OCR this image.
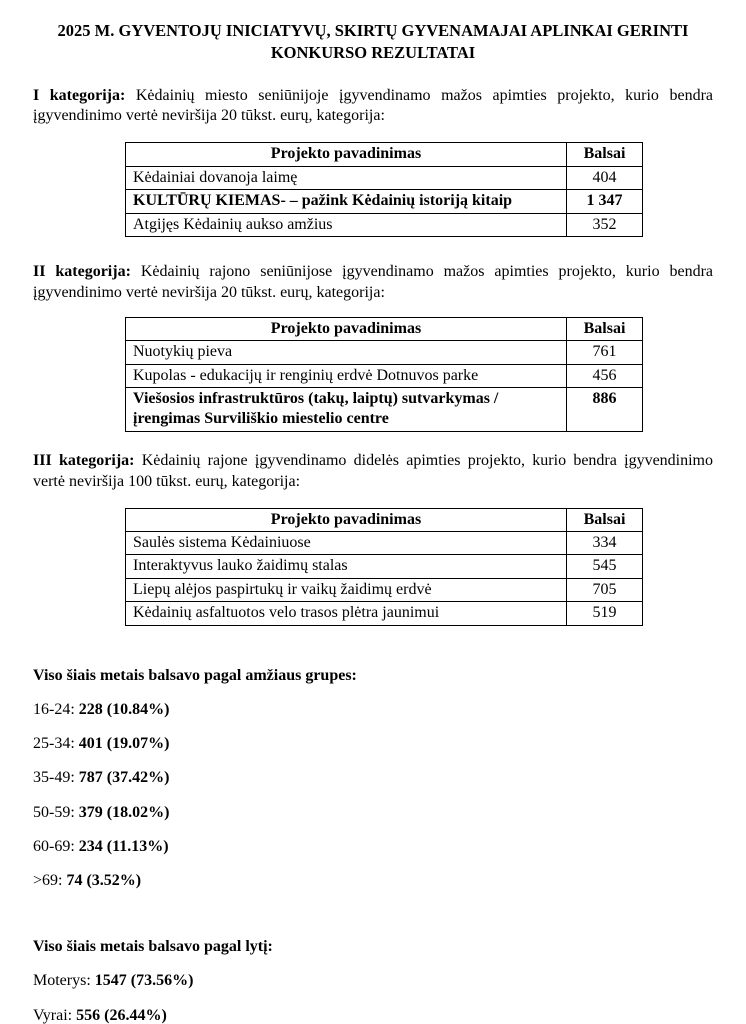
2025 M. GYVENTOJŲ INICIATYVŲ, SKIRTŲ GYVENAMAJAI APLINKAI GERINTI KONKURSO REZULTATAI

I kategorija: Kėdainių miesto seniūnijoje įgyvendinamo mažos apimties projekto, kurio bendra įgyvendinimo vertė neviršija 20 tūkst. eurų, kategorija:

Projekto pavadinimas	Balsai
Kėdainiai dovanoja laimę	404
KULTŪRŲ KIEMAS- – pažink Kėdainių istoriją kitaip	1 347
Atgijęs Kėdainių aukso amžius	352

II kategorija: Kėdainių rajono seniūnijose įgyvendinamo mažos apimties projekto, kurio bendra įgyvendinimo vertė neviršija 20 tūkst. eurų, kategorija:

Projekto pavadinimas	Balsai
Nuotykių pieva	761
Kupolas - edukacijų ir renginių erdvė Dotnuvos parke	456
Viešosios infrastruktūros (takų, laiptų) sutvarkymas / įrengimas Surviliškio miestelio centre	886

III kategorija: Kėdainių rajone įgyvendinamo didelės apimties projekto, kurio bendra įgyvendinimo vertė neviršija 100 tūkst. eurų, kategorija:

Projekto pavadinimas	Balsai
Saulės sistema Kėdainiuose	334
Interaktyvus lauko žaidimų stalas	545
Liepų alėjos paspirtukų ir vaikų žaidimų erdvė	705
Kėdainių asfaltuotos velo trasos plėtra jaunimui	519

Viso šiais metais balsavo pagal amžiaus grupes:

16-24: 228 (10.84%)

25-34: 401 (19.07%)

35-49: 787 (37.42%)

50-59: 379 (18.02%)

60-69: 234 (11.13%)

>69: 74 (3.52%)

Viso šiais metais balsavo pagal lytį:

Moterys: 1547 (73.56%)

Vyrai: 556 (26.44%)
